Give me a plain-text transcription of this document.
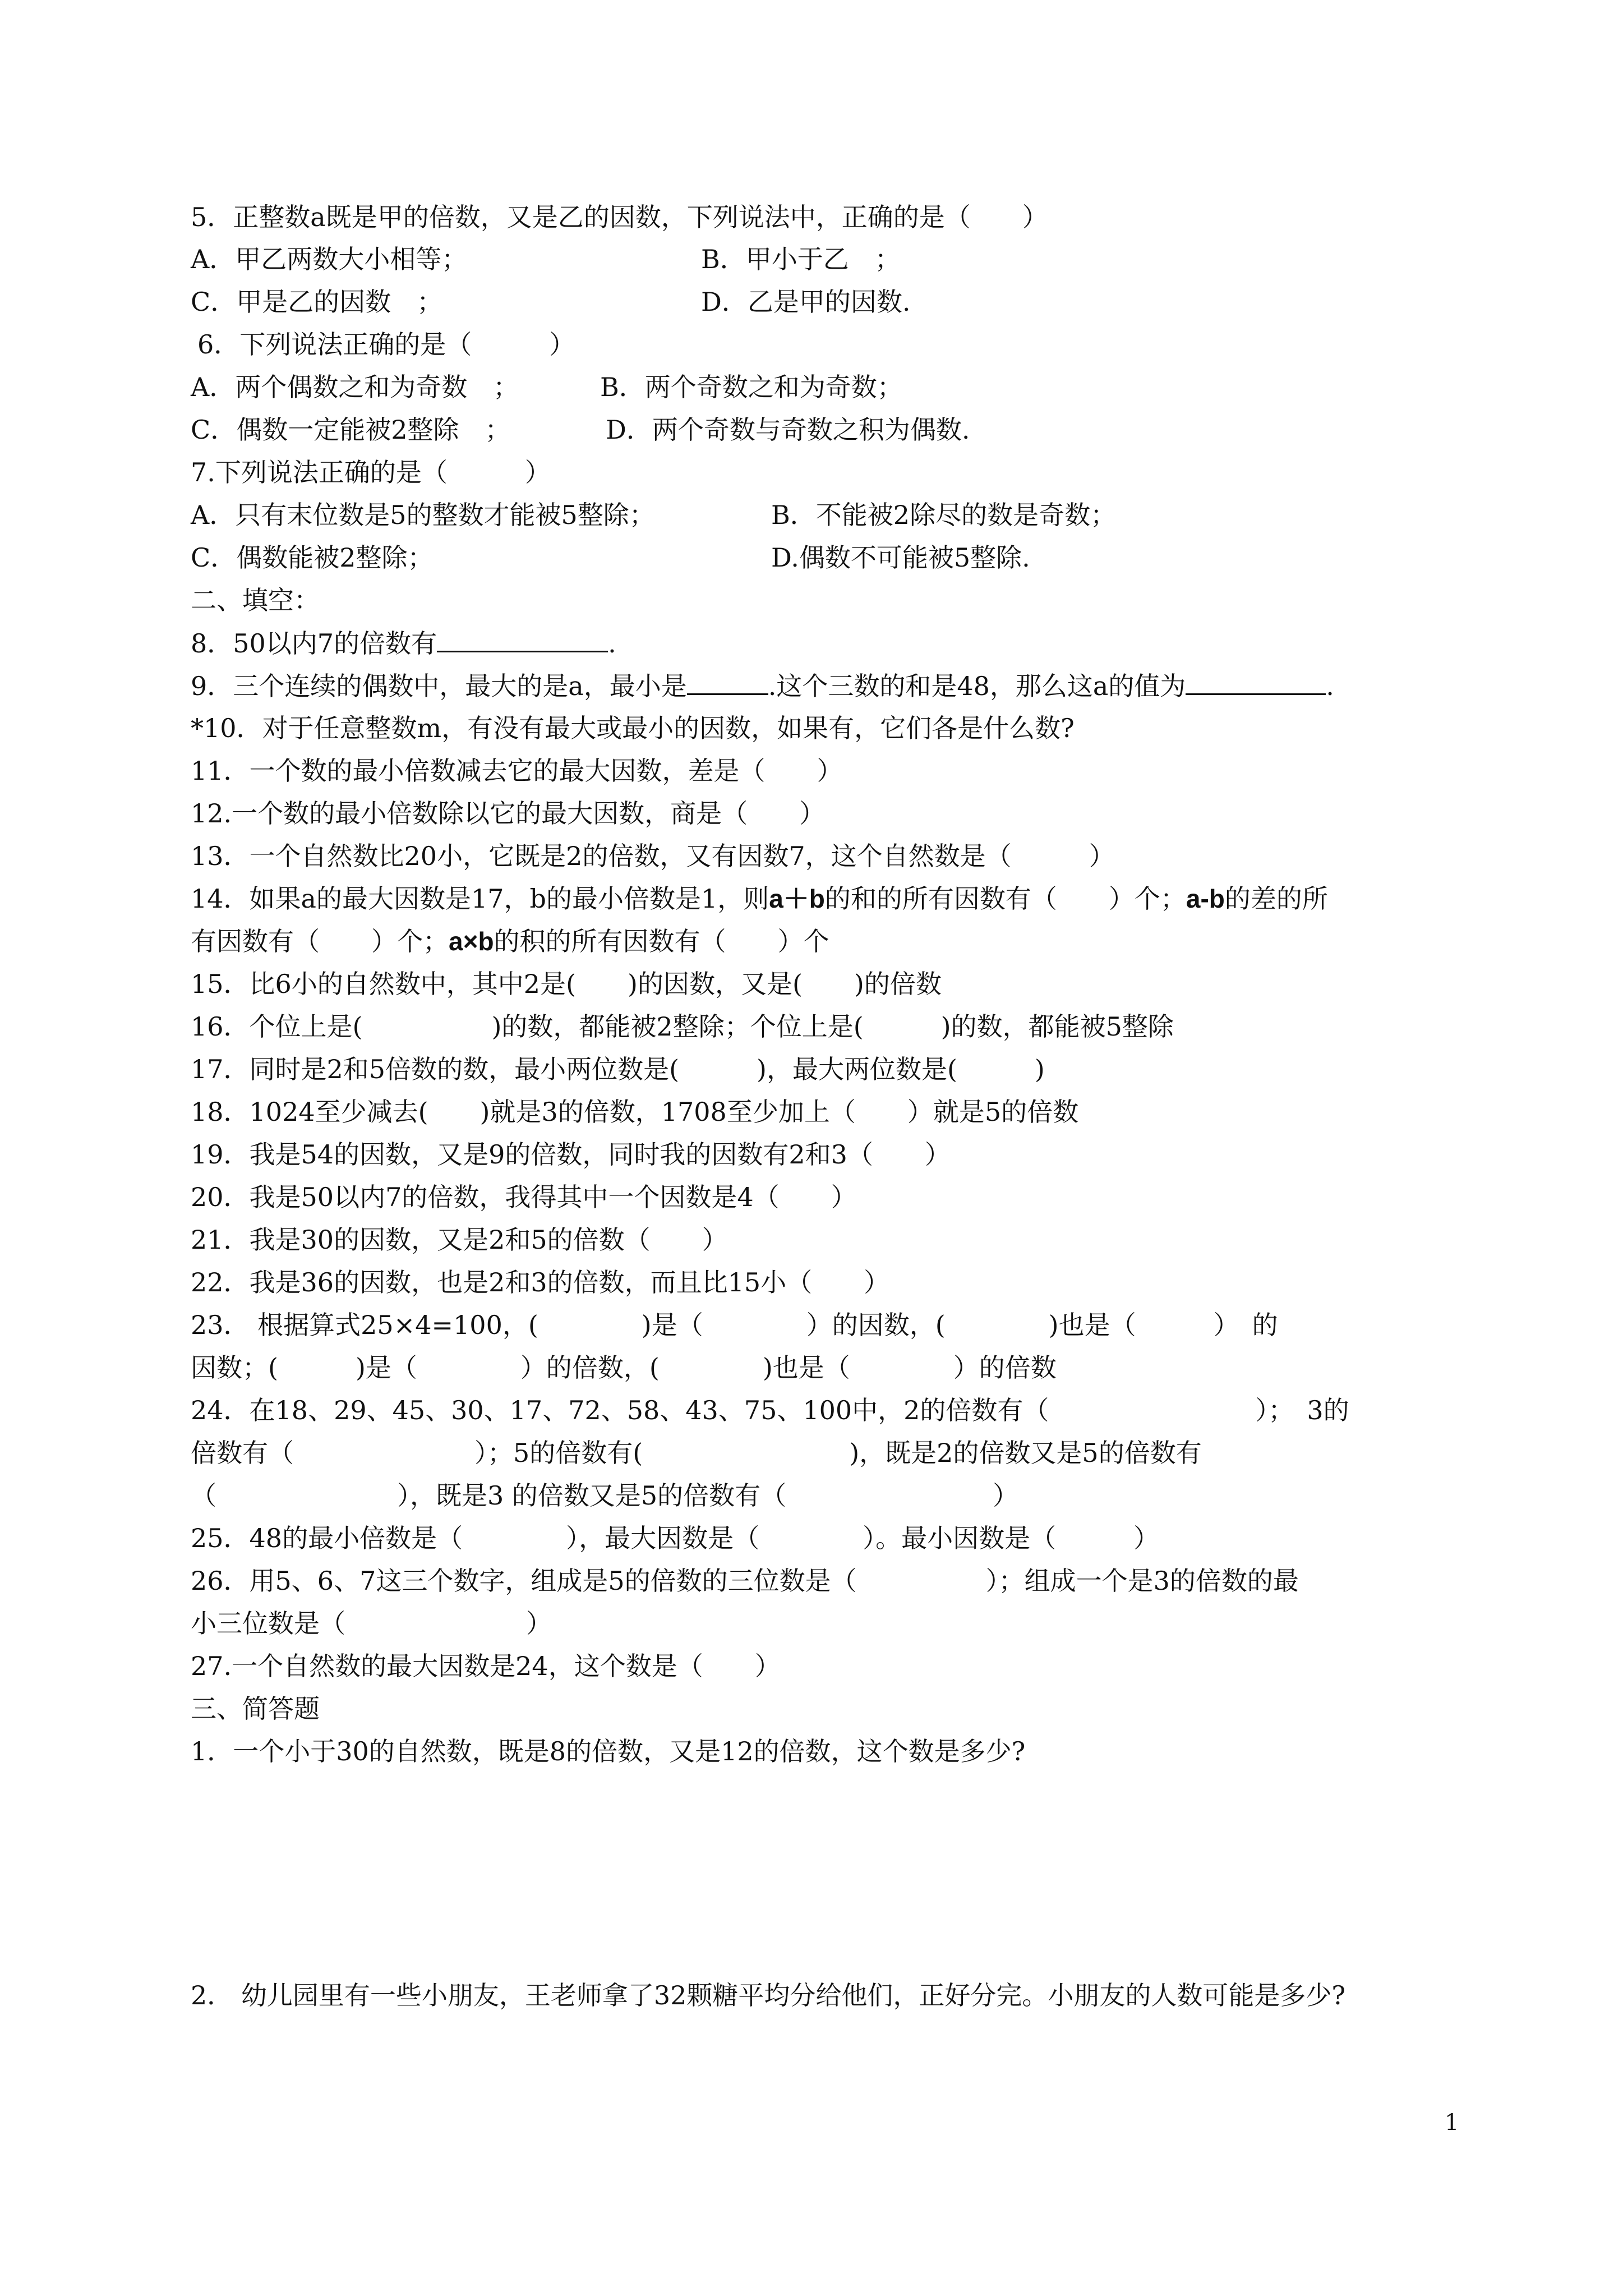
5．正整数a既是甲的倍数，又是乙的因数，下列说法中，正确的是（　　）
A．甲乙两数大小相等；	B．甲小于乙　；
C．甲是乙的因数　；	D．乙是甲的因数.
6．下列说法正确的是（　　　）
A．两个偶数之和为奇数　；	B．两个奇数之和为奇数；
C．偶数一定能被2整除　；	D．两个奇数与奇数之积为偶数.
7.下列说法正确的是（　　　）
A．只有末位数是5的整数才能被5整除；	B．不能被2除尽的数是奇数；
C．偶数能被2整除；	D.偶数不可能被5整除.
二、填空：
8．50以内7的倍数有	.
9．三个连续的偶数中，最大的是a，最小是	.这个三数的和是48，那么这a的值为	.
*10．对于任意整数m，有没有最大或最小的因数，如果有，它们各是什么数?
11．一个数的最小倍数减去它的最大因数，差是（　　）
12.一个数的最小倍数除以它的最大因数，商是（　　）
13．一个自然数比20小，它既是2的倍数，又有因数7，这个自然数是（　　　）
14．如果a的最大因数是17，b的最小倍数是1，则a＋b的和的所有因数有（　　）个；a-b的差的所
有因数有（　　）个；a×b的积的所有因数有（　　）个
15．比6小的自然数中，其中2是(　　)的因数，又是(　　)的倍数
16．个位上是(　　　　　)的数，都能被2整除；个位上是(　　　)的数，都能被5整除
17．同时是2和5倍数的数，最小两位数是(　　　)，最大两位数是(　　　)
18．1024至少减去(　　)就是3的倍数，1708至少加上（　　）就是5的倍数
19．我是54的因数，又是9的倍数，同时我的因数有2和3（　　）
20．我是50以内7的倍数，我得其中一个因数是4（　　）
21．我是30的因数，又是2和5的倍数（　　）
22．我是36的因数，也是2和3的倍数，而且比15小（　　）
23． 根据算式25×4=100，(　　　　)是（　　　　）的因数，(　　　　)也是（　　　）　的
因数；(　　　)是（　　　　）的倍数，(　　　　)也是（　　　　）的倍数
24．在18、29、45、30、17、72、58、43、75、100中，2的倍数有（　　　　　　　　）；　3的
倍数有（　　　　　　　）；5的倍数有(　　　　　　　　)，既是2的倍数又是5的倍数有
（　　　　　　　），既是3 的倍数又是5的倍数有（　　　　　　　　）
25．48的最小倍数是（　　　　），最大因数是（　　　　）。最小因数是（　　　）
26．用5、6、7这三个数字，组成是5的倍数的三位数是（　　　　　）；组成一个是3的倍数的最
小三位数是（　　　　　　　）
27.一个自然数的最大因数是24，这个数是（　　）
三、简答题
1．一个小于30的自然数，既是8的倍数，又是12的倍数，这个数是多少?
2． 幼儿园里有一些小朋友，王老师拿了32颗糖平均分给他们，正好分完。小朋友的人数可能是多少?
1
